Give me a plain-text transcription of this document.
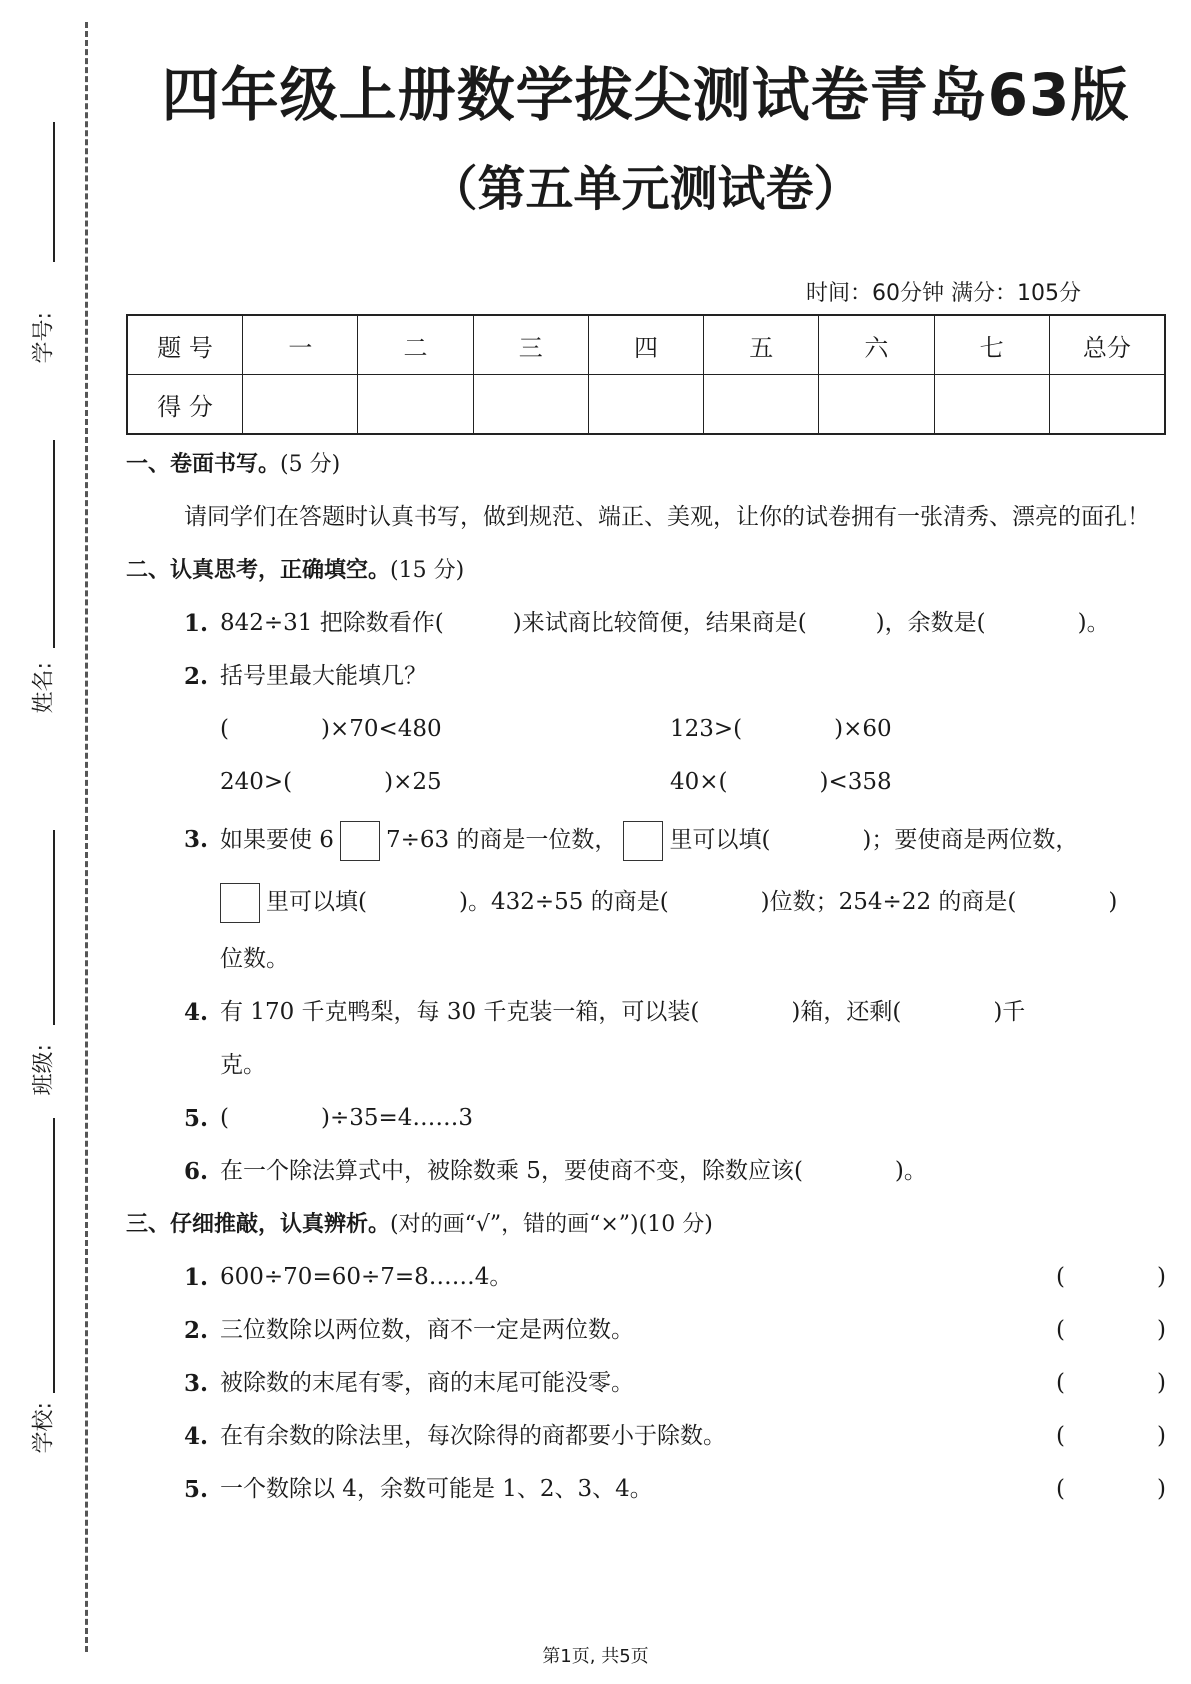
学号:
姓名:
班级:
学校:
四年级上册数学拔尖测试卷青岛63版
（第五单元测试卷）
时间：60分钟 满分：105分
题 号	一	二	三	四	五	六	七	总分
得 分								
一、卷面书写。(5 分)
请同学们在答题时认真书写，做到规范、端正、美观，让你的试卷拥有一张清秀、漂亮的面孔！
二、认真思考，正确填空。(15 分)
1. 842÷31 把除数看作(　　　)来试商比较简便，结果商是(　　　)，余数是(　　　　)。
2. 括号里最大能填几？
(　　　　)×70<480	123>(　　　　)×60
240>(　　　　)×25	40×(　　　　)<358
3. 如果要使 6 7÷63 的商是一位数， 里可以填(　　　　)；要使商是两位数，
里可以填(　　　　)。432÷55 的商是(　　　　)位数；254÷22 的商是(　　　　)
位数。
4. 有 170 千克鸭梨，每 30 千克装一箱，可以装(　　　　)箱，还剩(　　　　)千
克。
5. (　　　　)÷35=4……3
6. 在一个除法算式中，被除数乘 5，要使商不变，除数应该(　　　　)。
三、仔细推敲，认真辨析。(对的画“√”，错的画“×”)(10 分)
1. 600÷70=60÷7=8……4。	(	)
2. 三位数除以两位数，商不一定是两位数。	(	)
3. 被除数的末尾有零，商的末尾可能没零。	(	)
4. 在有余数的除法里，每次除得的商都要小于除数。	(	)
5. 一个数除以 4，余数可能是 1、2、3、4。	(	)
第1页, 共5页
